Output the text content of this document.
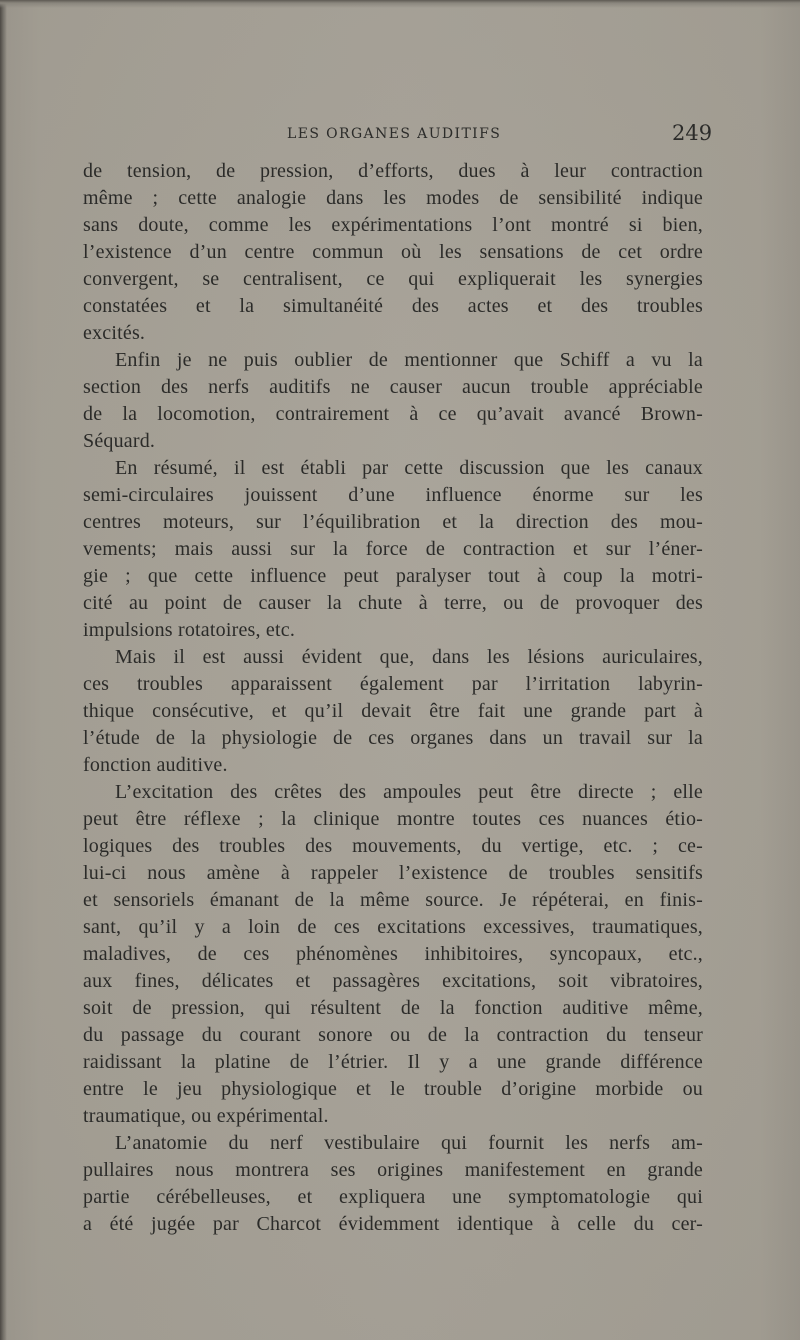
LES ORGANES AUDITIFS	249
de tension, de pression, d’efforts, dues à leur contraction
même ; cette analogie dans les modes de sensibilité indique
sans doute, comme les expérimentations l’ont montré si bien,
l’existence d’un centre commun où les sensations de cet ordre
convergent, se centralisent, ce qui expliquerait les synergies
constatées et la simultanéité des actes et des troubles
excités.
Enfin je ne puis oublier de mentionner que Schiff a vu la
section des nerfs auditifs ne causer aucun trouble appréciable
de la locomotion, contrairement à ce qu’avait avancé Brown-
Séquard.
En résumé, il est établi par cette discussion que les canaux
semi-circulaires jouissent d’une influence énorme sur les
centres moteurs, sur l’équilibration et la direction des mou-
vements; mais aussi sur la force de contraction et sur l’éner-
gie ; que cette influence peut paralyser tout à coup la motri-
cité au point de causer la chute à terre, ou de provoquer des
impulsions rotatoires, etc.
Mais il est aussi évident que, dans les lésions auriculaires,
ces troubles apparaissent également par l’irritation labyrin-
thique consécutive, et qu’il devait être fait une grande part à
l’étude de la physiologie de ces organes dans un travail sur la
fonction auditive.
L’excitation des crêtes des ampoules peut être directe ; elle
peut être réflexe ; la clinique montre toutes ces nuances étio-
logiques des troubles des mouvements, du vertige, etc. ; ce-
lui-ci nous amène à rappeler l’existence de troubles sensitifs
et sensoriels émanant de la même source. Je répéterai, en finis-
sant, qu’il y a loin de ces excitations excessives, traumatiques,
maladives, de ces phénomènes inhibitoires, syncopaux, etc.,
aux fines, délicates et passagères excitations, soit vibratoires,
soit de pression, qui résultent de la fonction auditive même,
du passage du courant sonore ou de la contraction du tenseur
raidissant la platine de l’étrier. Il y a une grande différence
entre le jeu physiologique et le trouble d’origine morbide ou
traumatique, ou expérimental.
L’anatomie du nerf vestibulaire qui fournit les nerfs am-
pullaires nous montrera ses origines manifestement en grande
partie cérébelleuses, et expliquera une symptomatologie qui
a été jugée par Charcot évidemment identique à celle du cer-
